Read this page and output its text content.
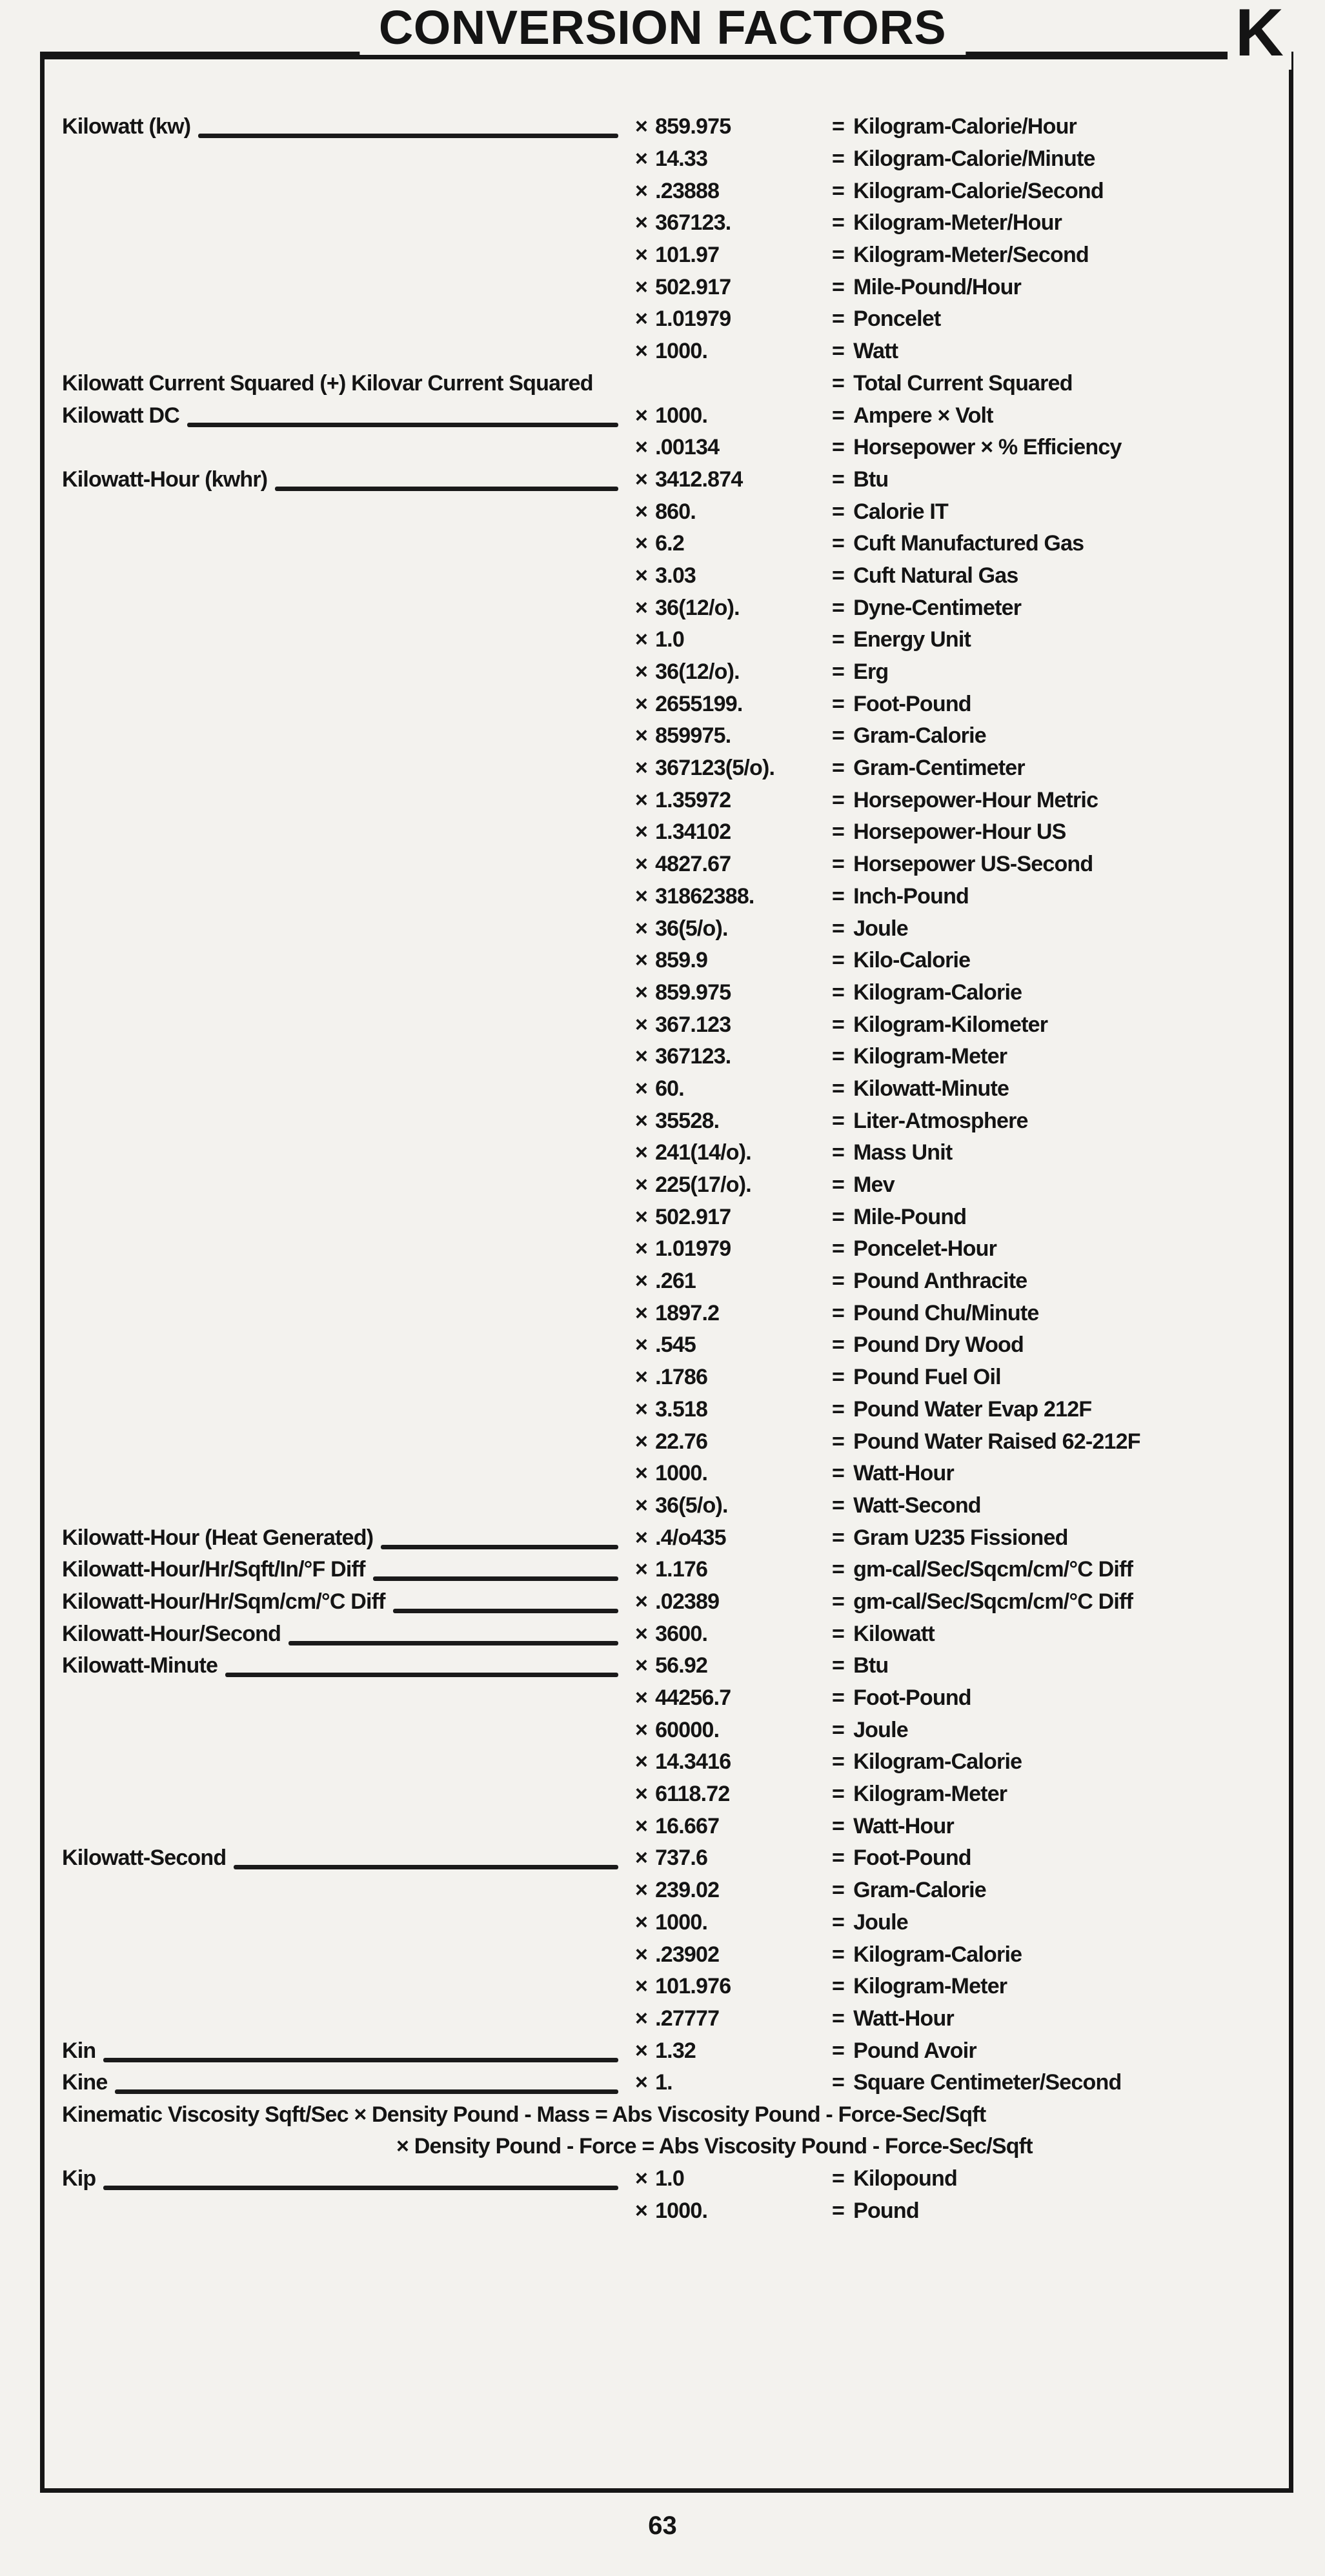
CONVERSION FACTORS	K
Kilowatt (kw)	× 859.975	= Kilogram-Calorie/Hour
× 14.33	= Kilogram-Calorie/Minute
× .23888	= Kilogram-Calorie/Second
× 367123.	= Kilogram-Meter/Hour
× 101.97	= Kilogram-Meter/Second
× 502.917	= Mile-Pound/Hour
× 1.01979	= Poncelet
× 1000.	= Watt
Kilowatt Current Squared (+) Kilovar Current Squared	= Total Current Squared
Kilowatt DC	× 1000.	= Ampere × Volt
× .00134	= Horsepower × % Efficiency
Kilowatt-Hour (kwhr)	× 3412.874	= Btu
× 860.	= Calorie IT
× 6.2	= Cuft Manufactured Gas
× 3.03	= Cuft Natural Gas
× 36(12/o).	= Dyne-Centimeter
× 1.0	= Energy Unit
× 36(12/o).	= Erg
× 2655199.	= Foot-Pound
× 859975.	= Gram-Calorie
× 367123(5/o).	= Gram-Centimeter
× 1.35972	= Horsepower-Hour Metric
× 1.34102	= Horsepower-Hour US
× 4827.67	= Horsepower US-Second
× 31862388.	= Inch-Pound
× 36(5/o).	= Joule
× 859.9	= Kilo-Calorie
× 859.975	= Kilogram-Calorie
× 367.123	= Kilogram-Kilometer
× 367123.	= Kilogram-Meter
× 60.	= Kilowatt-Minute
× 35528.	= Liter-Atmosphere
× 241(14/o).	= Mass Unit
× 225(17/o).	= Mev
× 502.917	= Mile-Pound
× 1.01979	= Poncelet-Hour
× .261	= Pound Anthracite
× 1897.2	= Pound Chu/Minute
× .545	= Pound Dry Wood
× .1786	= Pound Fuel Oil
× 3.518	= Pound Water Evap 212F
× 22.76	= Pound Water Raised 62-212F
× 1000.	= Watt-Hour
× 36(5/o).	= Watt-Second
Kilowatt-Hour (Heat Generated)	× .4/o435	= Gram U235 Fissioned
Kilowatt-Hour/Hr/Sqft/In/°F Diff	× 1.176	= gm-cal/Sec/Sqcm/cm/°C Diff
Kilowatt-Hour/Hr/Sqm/cm/°C Diff	× .02389	= gm-cal/Sec/Sqcm/cm/°C Diff
Kilowatt-Hour/Second	× 3600.	= Kilowatt
Kilowatt-Minute	× 56.92	= Btu
× 44256.7	= Foot-Pound
× 60000.	= Joule
× 14.3416	= Kilogram-Calorie
× 6118.72	= Kilogram-Meter
× 16.667	= Watt-Hour
Kilowatt-Second	× 737.6	= Foot-Pound
× 239.02	= Gram-Calorie
× 1000.	= Joule
× .23902	= Kilogram-Calorie
× 101.976	= Kilogram-Meter
× .27777	= Watt-Hour
Kin	× 1.32	= Pound Avoir
Kine	× 1.	= Square Centimeter/Second
Kinematic Viscosity Sqft/Sec × Density Pound - Mass = Abs Viscosity Pound - Force-Sec/Sqft
× Density Pound - Force = Abs Viscosity Pound - Force-Sec/Sqft
Kip	× 1.0	= Kilopound
× 1000.	= Pound
63
